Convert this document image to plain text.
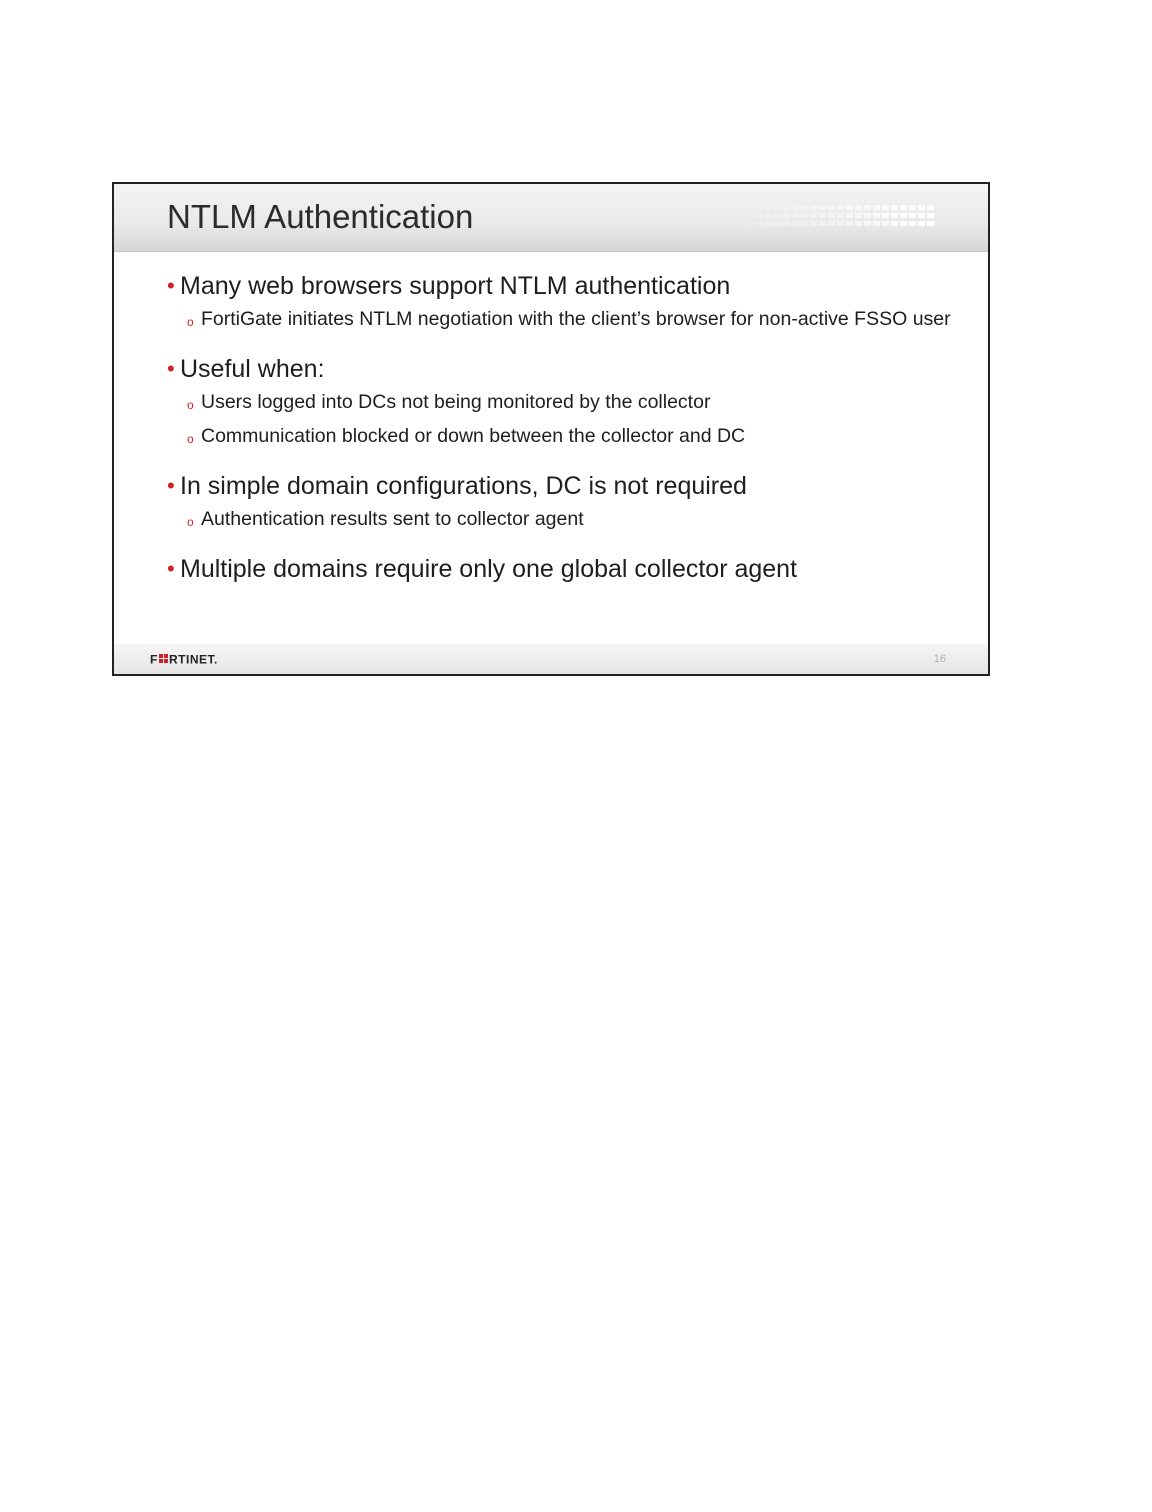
NTLM Authentication
• Many web browsers support NTLM authentication
o FortiGate initiates NTLM negotiation with the client’s browser for non-active FSSO user
• Useful when:
o Users logged into DCs not being monitored by the collector
o Communication blocked or down between the collector and DC
• In simple domain configurations, DC is not required
o Authentication results sent to collector agent
• Multiple domains require only one global collector agent
F RTINET.	16
